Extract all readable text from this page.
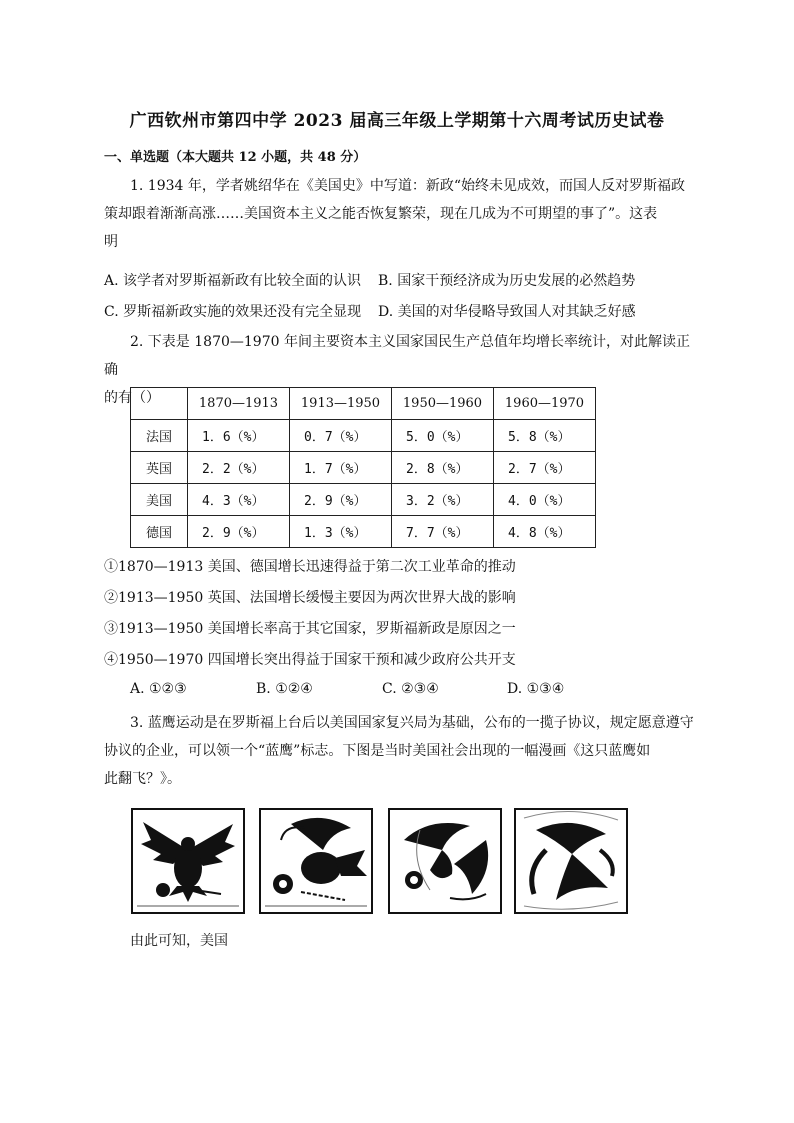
广西钦州市第四中学 2023 届高三年级上学期第十六周考试历史试卷
一、单选题（本大题共 12 小题，共 48 分）
1. 1934 年，学者姚绍华在《美国史》中写道：新政“始终未见成效，而国人反对罗斯福政
策却跟着渐渐高涨……美国资本主义之能否恢复繁荣，现在几成为不可期望的事了”。这表
明
A. 该学者对罗斯福新政有比较全面的认识 B. 国家干预经济成为历史发展的必然趋势
C. 罗斯福新政实施的效果还没有完全显现 D. 美国的对华侵略导致国人对其缺乏好感
2. 下表是 1870—1970 年间主要资本主义国家国民生产总值年均增长率统计，对此解读正确
的有（）
		1870—1913	1913—1950	1950—1960	1960—1970
法国	1．6（%）	0．7（%）	5．0（%）	5．8（%）
英国	2．2（%）	1．7（%）	2．8（%）	2．7（%）
美国	4．3（%）	2．9（%）	3．2（%）	4．0（%）
德国	2．9（%）	1．3（%）	7．7（%）	4．8（%）
①1870—1913 美国、德国增长迅速得益于第二次工业革命的推动
②1913—1950 英国、法国增长缓慢主要因为两次世界大战的影响
③1913—1950 美国增长率高于其它国家，罗斯福新政是原因之一
④1950—1970 四国增长突出得益于国家干预和减少政府公共开支
A. ①②③	B. ①②④	C. ②③④	D. ①③④
3. 蓝鹰运动是在罗斯福上台后以美国国家复兴局为基础，公布的一揽子协议，规定愿意遵守
协议的企业，可以领一个“蓝鹰”标志。下图是当时美国社会出现的一幅漫画《这只蓝鹰如
此翻飞？》。
由此可知，美国
